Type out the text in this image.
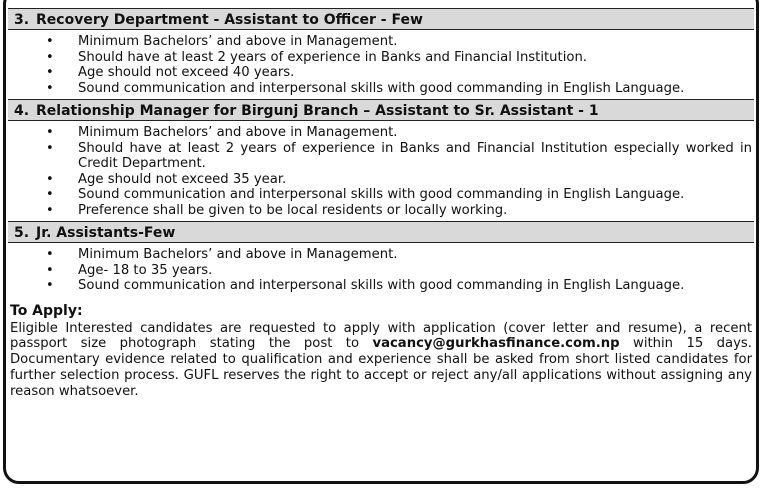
3. Recovery Department - Assistant to Officer - Few
• Minimum Bachelors’ and above in Management.
• Should have at least 2 years of experience in Banks and Financial Institution.
• Age should not exceed 40 years.
• Sound communication and interpersonal skills with good commanding in English Language.
4. Relationship Manager for Birgunj Branch – Assistant to Sr. Assistant - 1
• Minimum Bachelors’ and above in Management.
• Should have at least 2 years of experience in Banks and Financial Institution especially worked in Credit Department.
• Age should not exceed 35 year.
• Sound communication and interpersonal skills with good commanding in English Language.
• Preference shall be given to be local residents or locally working.
5. Jr. Assistants-Few
• Minimum Bachelors’ and above in Management.
• Age- 18 to 35 years.
• Sound communication and interpersonal skills with good commanding in English Language.
To Apply:
Eligible Interested candidates are requested to apply with application (cover letter and resume), a recent passport size photograph stating the post to vacancy@gurkhasfinance.com.np within 15 days. Documentary evidence related to qualification and experience shall be asked from short listed candidates for further selection process. GUFL reserves the right to accept or reject any/all applications without assigning any reason whatsoever.
